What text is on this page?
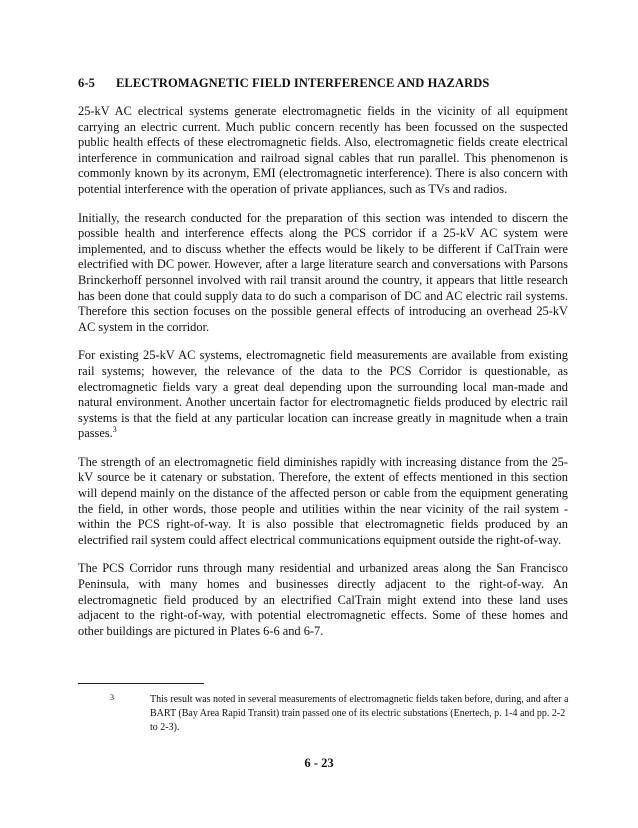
6-5 ELECTROMAGNETIC FIELD INTERFERENCE AND HAZARDS

25-kV AC electrical systems generate electromagnetic fields in the vicinity of all equipment carrying an electric current. Much public concern recently has been focussed on the suspected public health effects of these electromagnetic fields. Also, electromagnetic fields create electrical interference in communication and railroad signal cables that run parallel. This phenomenon is commonly known by its acronym, EMI (electromagnetic interference). There is also concern with potential interference with the operation of private appliances, such as TVs and radios.

Initially, the research conducted for the preparation of this section was intended to discern the possible health and interference effects along the PCS corridor if a 25-kV AC system were implemented, and to discuss whether the effects would be likely to be different if CalTrain were electrified with DC power. However, after a large literature search and conversations with Parsons Brinckerhoff personnel involved with rail transit around the country, it appears that little research has been done that could supply data to do such a comparison of DC and AC electric rail systems. Therefore this section focuses on the possible general effects of introducing an overhead 25-kV AC system in the corridor.

For existing 25-kV AC systems, electromagnetic field measurements are available from existing rail systems; however, the relevance of the data to the PCS Corridor is questionable, as electromagnetic fields vary a great deal depending upon the surrounding local man-made and natural environment. Another uncertain factor for electromagnetic fields produced by electric rail systems is that the field at any particular location can increase greatly in magnitude when a train passes.$^3$

The strength of an electromagnetic field diminishes rapidly with increasing distance from the 25-kV source be it catenary or substation. Therefore, the extent of effects mentioned in this section will depend mainly on the distance of the affected person or cable from the equipment generating the field, in other words, those people and utilities within the near vicinity of the rail system - within the PCS right-of-way. It is also possible that electromagnetic fields produced by an electrified rail system could affect electrical communications equipment outside the right-of-way.

The PCS Corridor runs through many residential and urbanized areas along the San Francisco Peninsula, with many homes and businesses directly adjacent to the right-of-way. An electromagnetic field produced by an electrified CalTrain might extend into these land uses adjacent to the right-of-way, with potential electromagnetic effects. Some of these homes and other buildings are pictured in Plates 6-6 and 6-7.

3	This result was noted in several measurements of electromagnetic fields taken before, during, and after a BART (Bay Area Rapid Transit) train passed one of its electric substations (Enertech, p. 1-4 and pp. 2-2 to 2-3).
6 - 23
